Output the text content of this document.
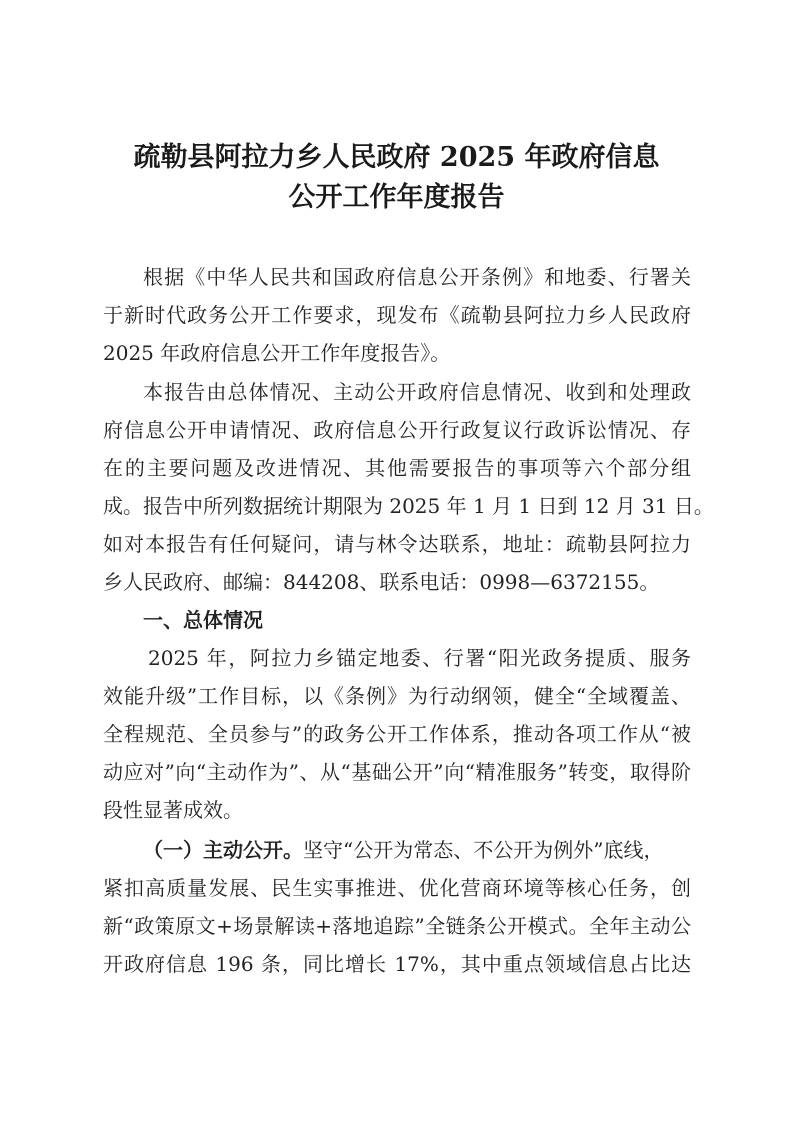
疏勒县阿拉力乡人民政府 2025 年政府信息
公开工作年度报告
根据《中华人民共和国政府信息公开条例》和地委、行署关
于新时代政务公开工作要求，现发布《疏勒县阿拉力乡人民政府
2025 年政府信息公开工作年度报告》。
本报告由总体情况、主动公开政府信息情况、收到和处理政
府信息公开申请情况、政府信息公开行政复议行政诉讼情况、存
在的主要问题及改进情况、其他需要报告的事项等六个部分组
成。报告中所列数据统计期限为 2025 年 1 月 1 日到 12 月 31 日。
如对本报告有任何疑问，请与林令达联系，地址：疏勒县阿拉力
乡人民政府、邮编：844208、联系电话：0998—6372155。
一、总体情况
2025 年，阿拉力乡锚定地委、行署“阳光政务提质、服务
效能升级”工作目标，以《条例》为行动纲领，健全“全域覆盖、
全程规范、全员参与”的政务公开工作体系，推动各项工作从“被
动应对”向“主动作为”、从“基础公开”向“精准服务”转变，取得阶
段性显著成效。
（一）主动公开。坚守“公开为常态、不公开为例外”底线，
紧扣高质量发展、民生实事推进、优化营商环境等核心任务，创
新“政策原文+场景解读+落地追踪”全链条公开模式。全年主动公
开政府信息 196 条，同比增长 17%，其中重点领域信息占比达
